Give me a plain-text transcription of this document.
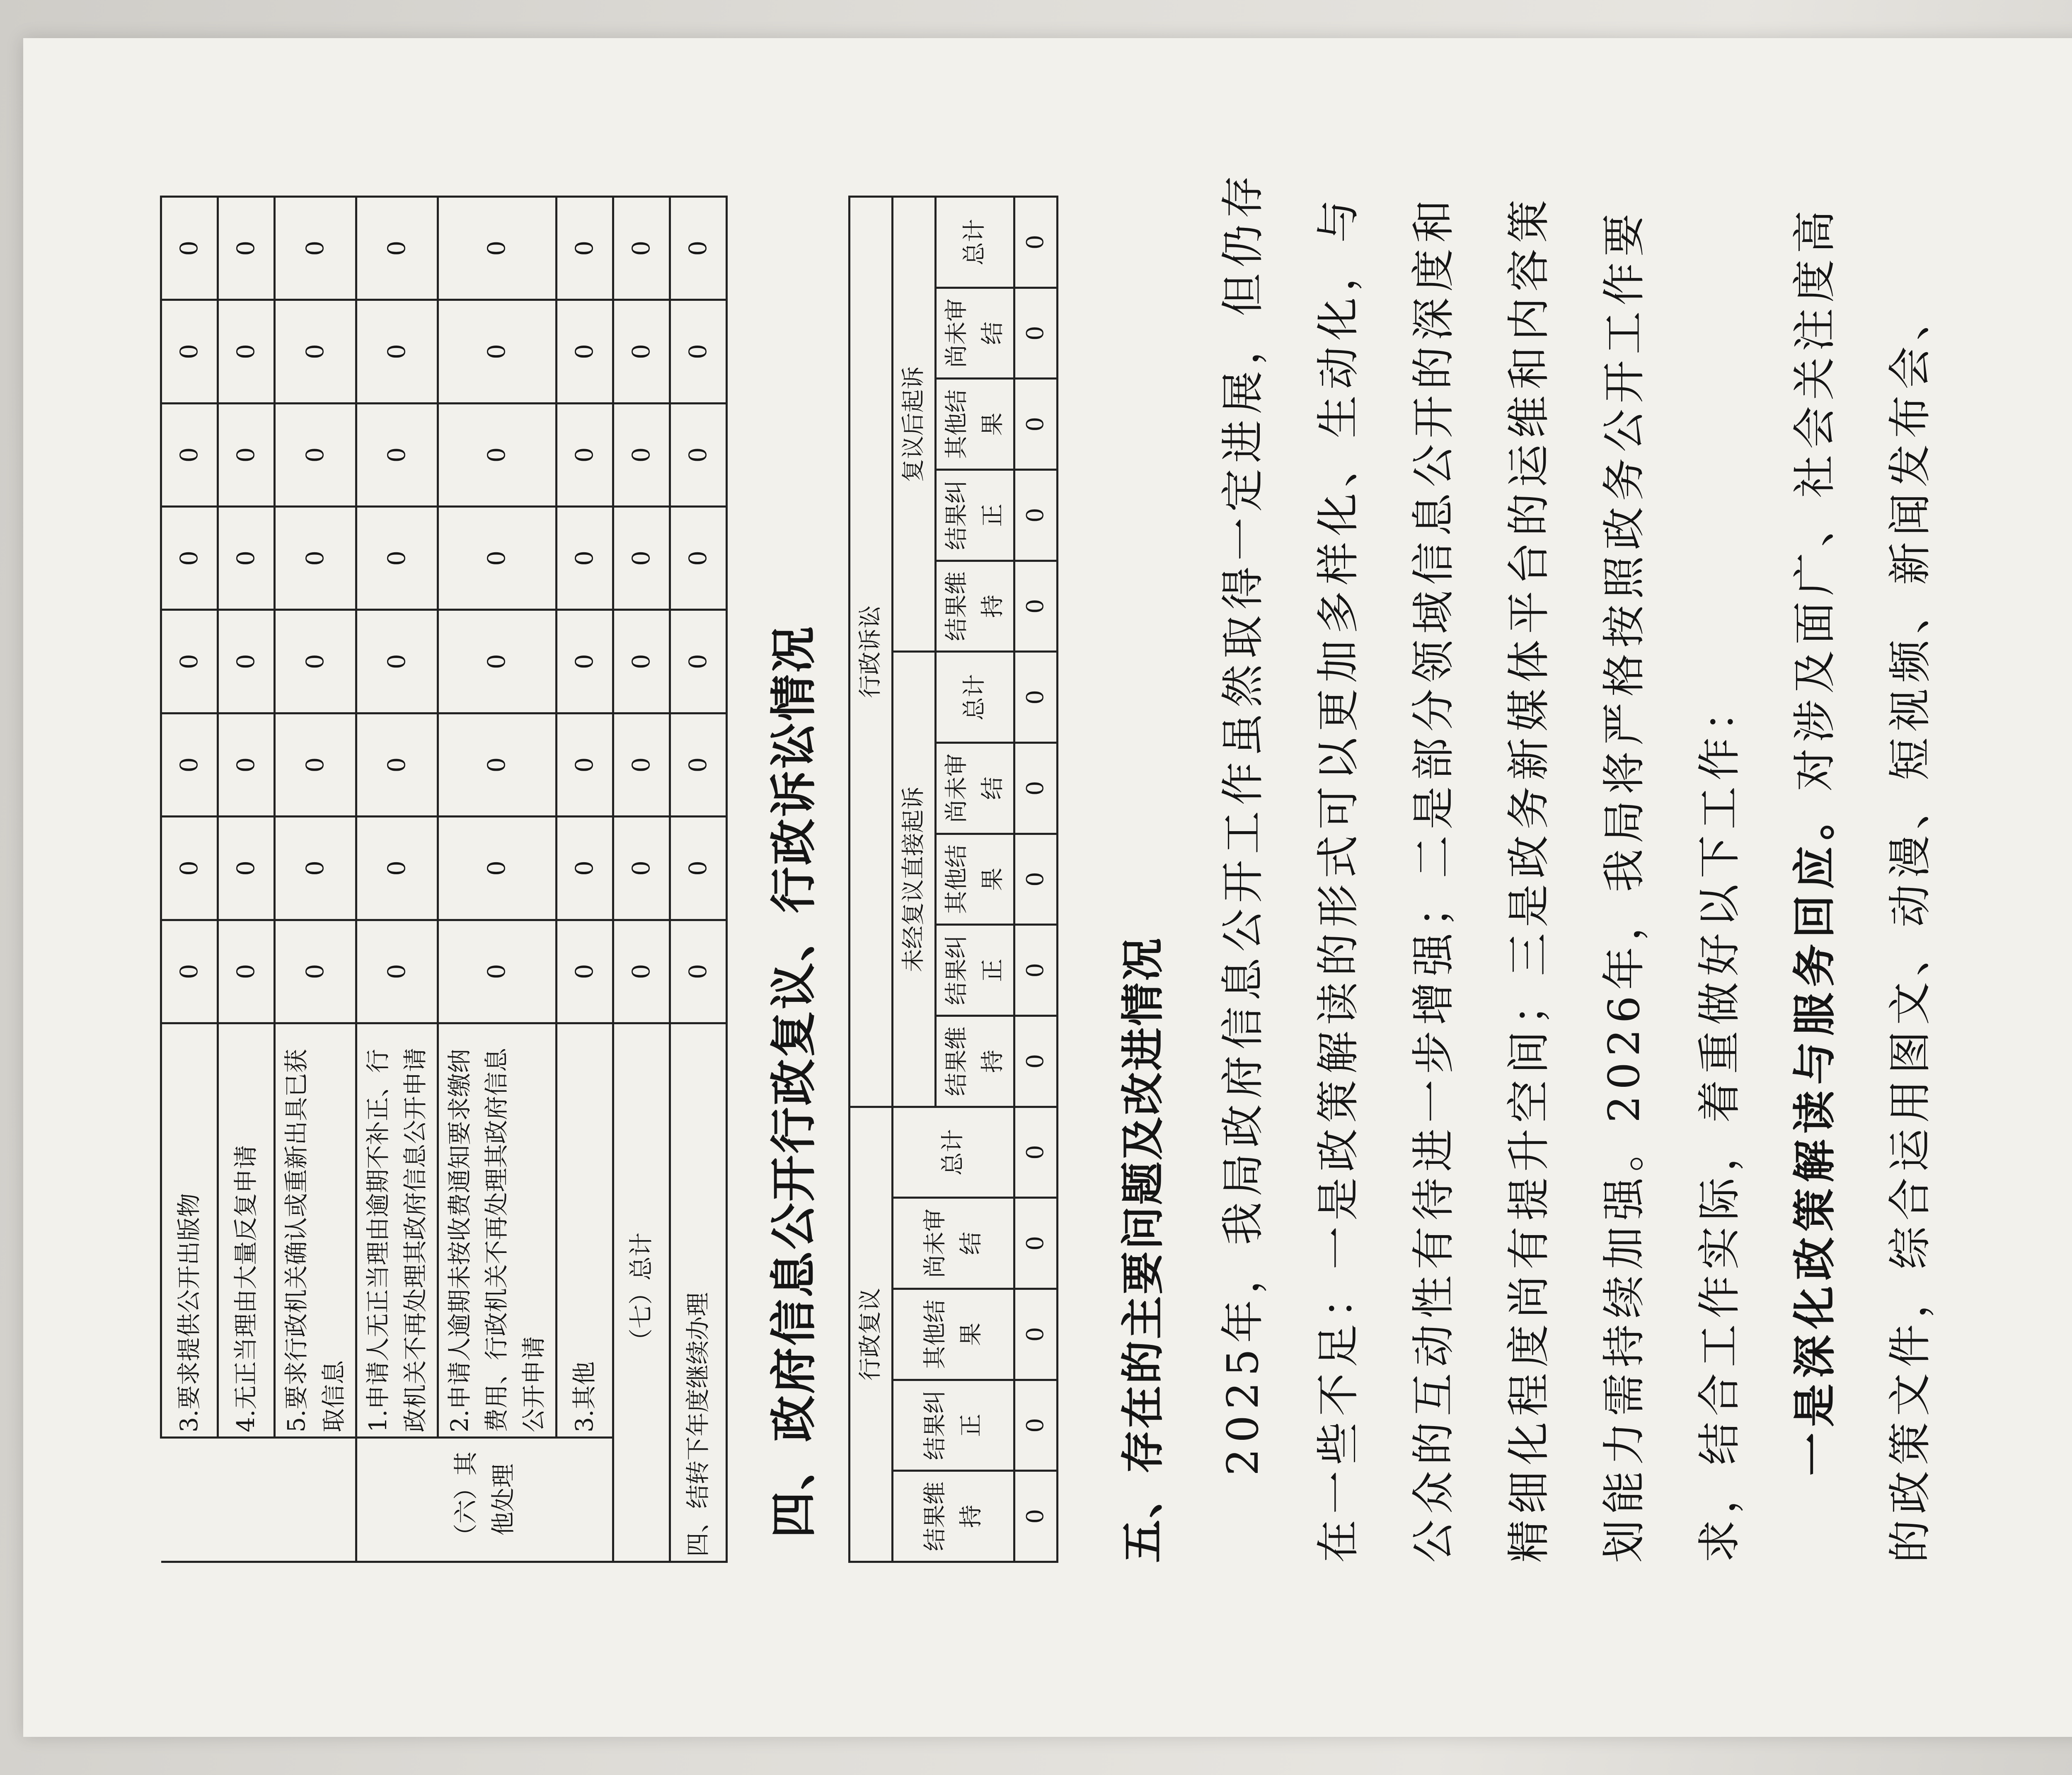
	3.要求提供公开出版物	0	0	0	0	0	0	0	0
	4.无正当理由大量反复申请	0	0	0	0	0	0	0	0
	5.要求行政机关确认或重新出具已获取信息	0	0	0	0	0	0	0	0
（六）其他处理	1.申请人无正当理由逾期不补正、行政机关不再处理其政府信息公开申请	0	0	0	0	0	0	0	0
	2.申请人逾期未按收费通知要求缴纳费用、行政机关不再处理其政府信息公开申请	0	0	0	0	0	0	0	0
	3.其他	0	0	0	0	0	0	0	0
（七）总计		0	0	0	0	0	0	0	0
四、结转下年度继续办理		0	0	0	0	0	0	0	0
四、政府信息公开行政复议、行政诉讼情况 行政复议					行政诉讼									
结果维持	结果纠正	其他结果	尚未审结	总计	未经复议直接起诉					复议后起诉				
					结果维持	结果纠正	其他结果	尚未审结	总计	结果维持	结果纠正	其他结果	尚未审结	总计
0	0	0	0	0	0	0	0	0	0	0	0	0	0	0
五、存在的主要问题及改进情况	2025年，我局政府信息公开工作虽然取得一定进展，但仍存在一些不足：一是政策解读的形式可以更加多样化、生动化，与公众的互动性有待进一步增强；二是部分领域信息公开的深度和精细化程度尚有提升空间；三是政务新媒体平台的运维和内容策划能力需持续加强。2026年，我局将严格按照政务公开工作要求，结合工作实际，着重做好以下工作：	一是深化政策解读与服务回应。对涉及面广、社会关注度高的政策文件，综合运用图文、动漫、短视频、新闻发布会、
